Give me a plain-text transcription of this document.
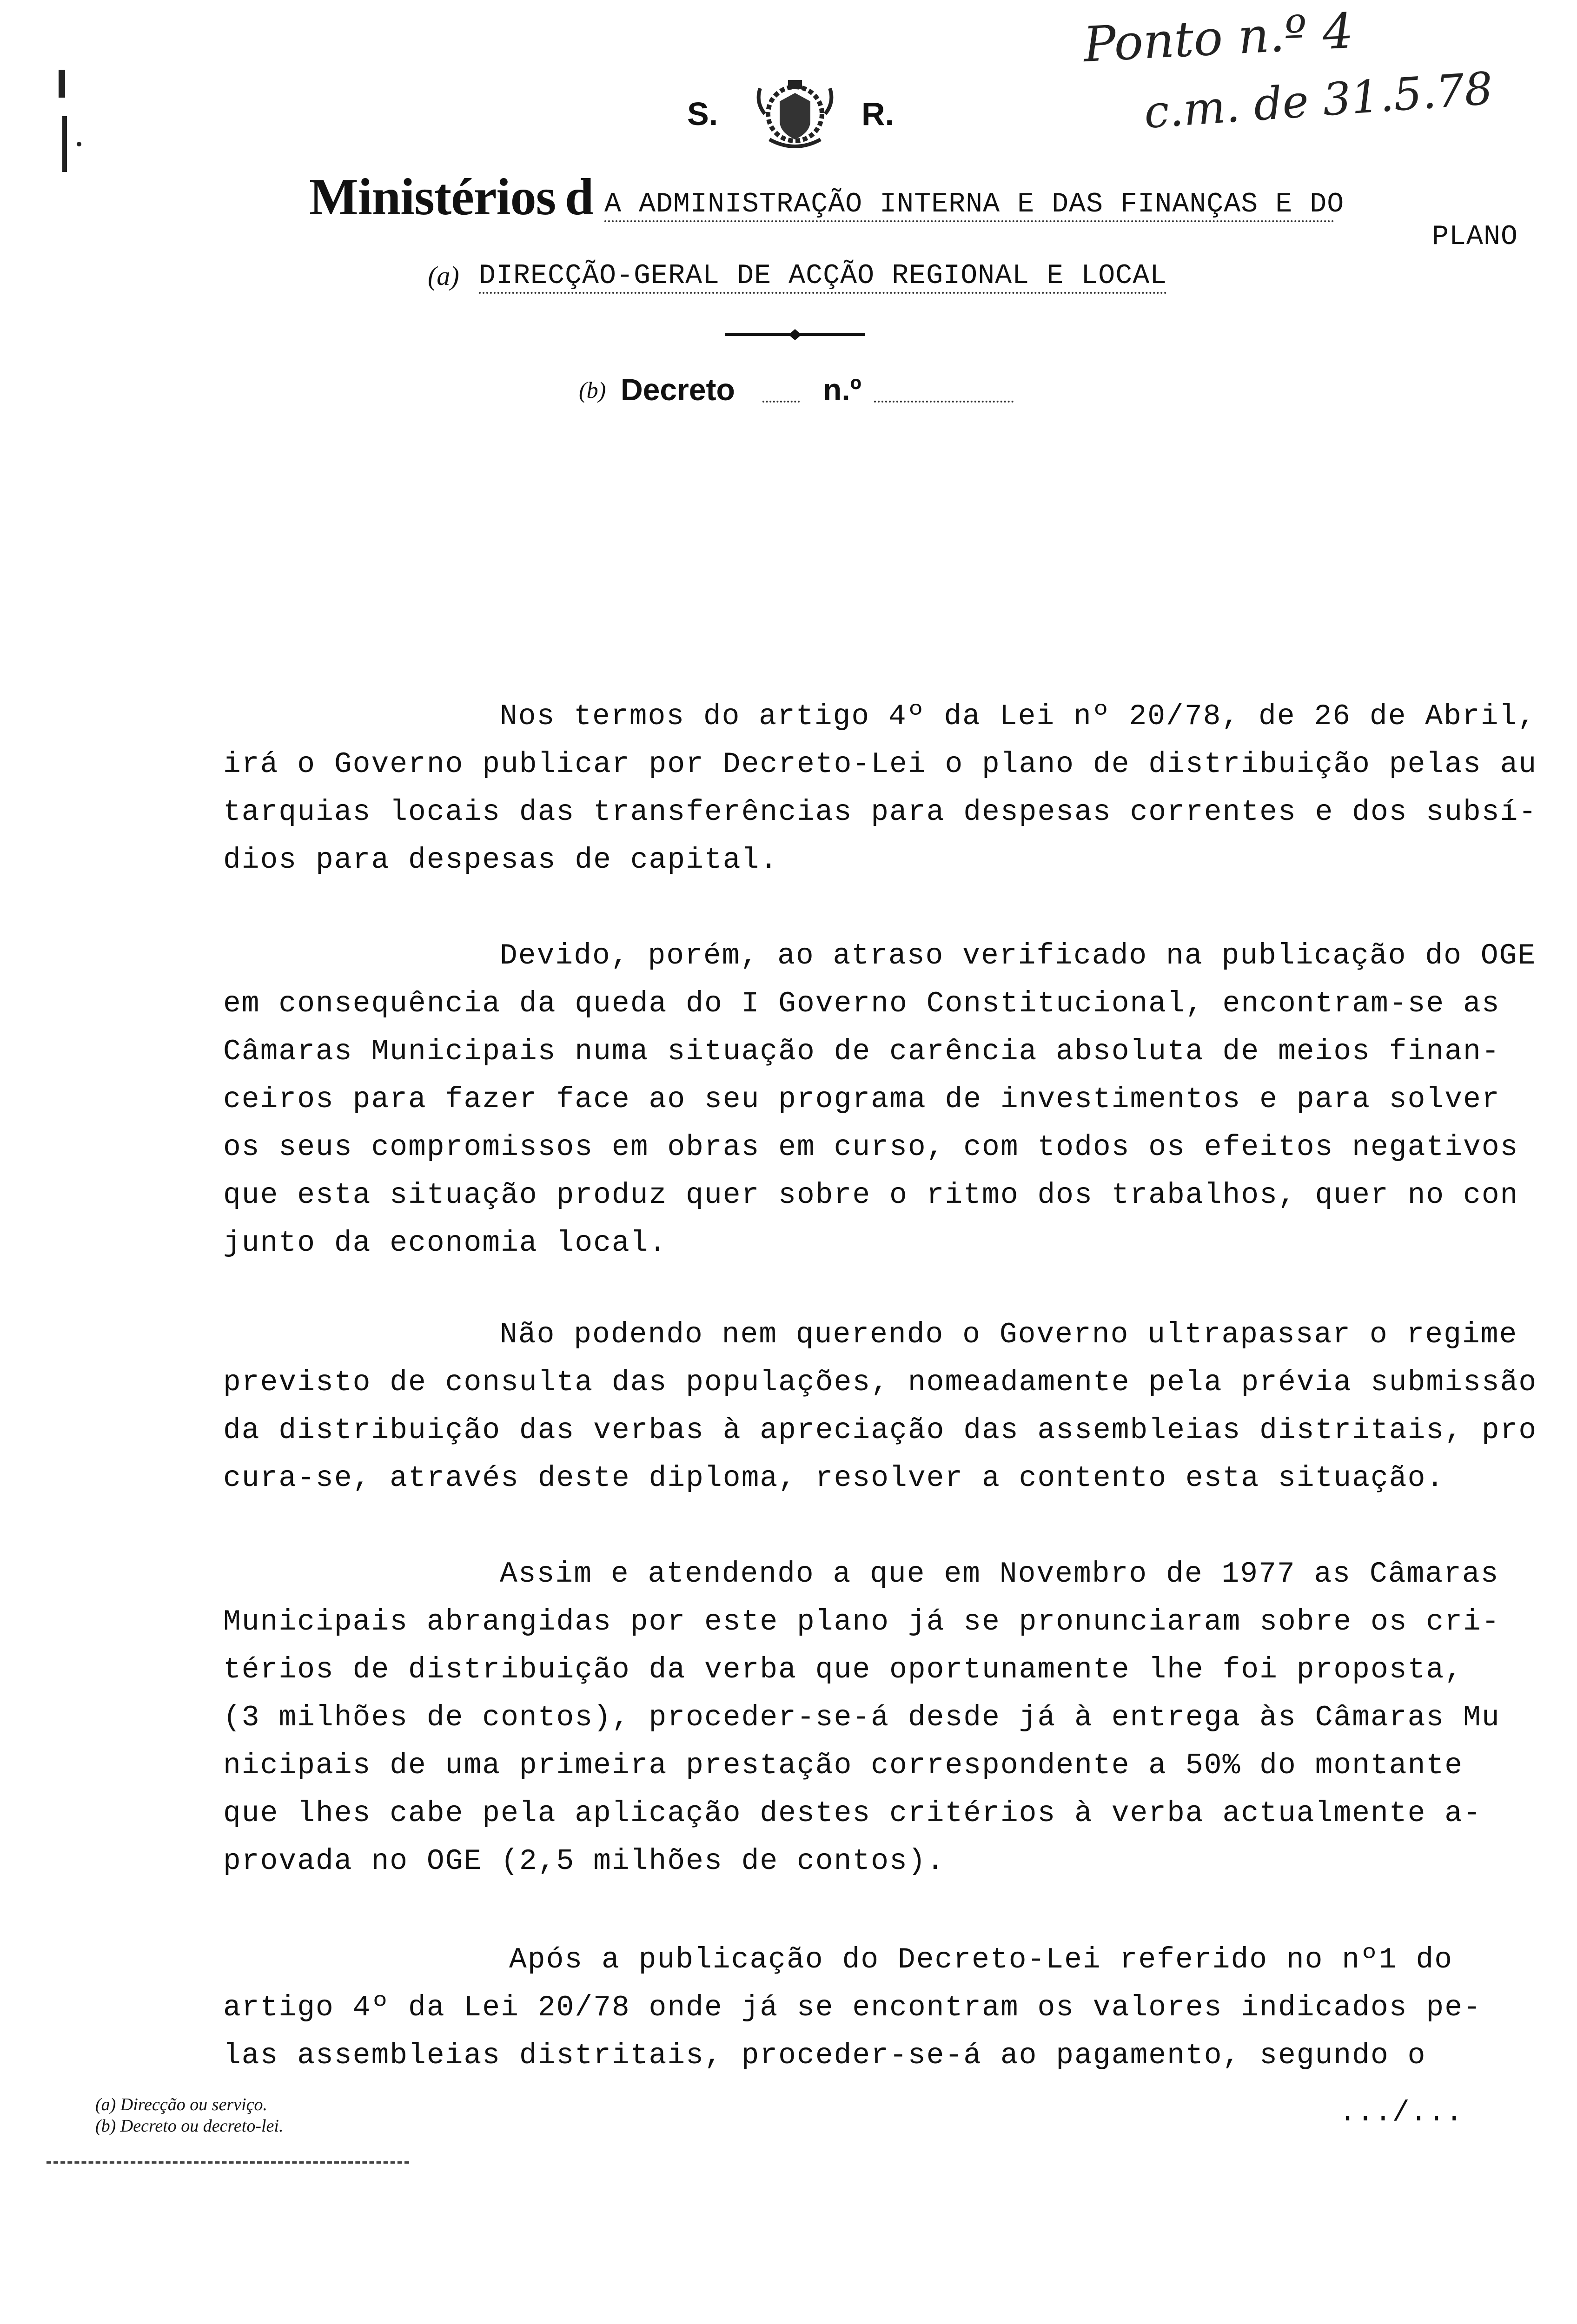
Ponto n.º 4
c.m. de 31.5.78
S.	R.
Ministérios d A ADMINISTRAÇÃO INTERNA E DAS FINANÇAS E DO
PLANO
(a) DIRECÇÃO-GERAL DE ACÇÃO REGIONAL E LOCAL
(b) Decreto	n.º

Nos termos do artigo 4º da Lei nº 20/78, de 26 de Abril,

irá o Governo publicar por Decreto-Lei o plano de distribuição pelas au

tarquias locais das transferências para despesas correntes e dos subsí-

dios para despesas de capital.

Devido, porém, ao atraso verificado na publicação do OGE

em consequência da queda do I Governo Constitucional, encontram-se as

Câmaras Municipais numa situação de carência absoluta de meios finan-

ceiros para fazer face ao seu programa de investimentos e para solver

os seus compromissos em obras em curso, com todos os efeitos negativos

que esta situação produz quer sobre o ritmo dos trabalhos, quer no con

junto da economia local.

Não podendo nem querendo o Governo ultrapassar o regime

previsto de consulta das populações, nomeadamente pela prévia submissão

da distribuição das verbas à apreciação das assembleias distritais, pro

cura-se, através deste diploma, resolver a contento esta situação.

Assim e atendendo a que em Novembro de 1977 as Câmaras

Municipais abrangidas por este plano já se pronunciaram sobre os cri-

térios de distribuição da verba que oportunamente lhe foi proposta,

(3 milhões de contos), proceder-se-á desde já à entrega às Câmaras Mu

nicipais de uma primeira prestação correspondente a 50% do montante

que lhes cabe pela aplicação destes critérios à verba actualmente a-

provada no OGE (2,5 milhões de contos).

Após a publicação do Decreto-Lei referido no nº1 do

artigo 4º da Lei 20/78 onde já se encontram os valores indicados pe-

las assembleias distritais, proceder-se-á ao pagamento, segundo o

(a) Direcção ou serviço.
(b) Decreto ou decreto-lei.	.../...
